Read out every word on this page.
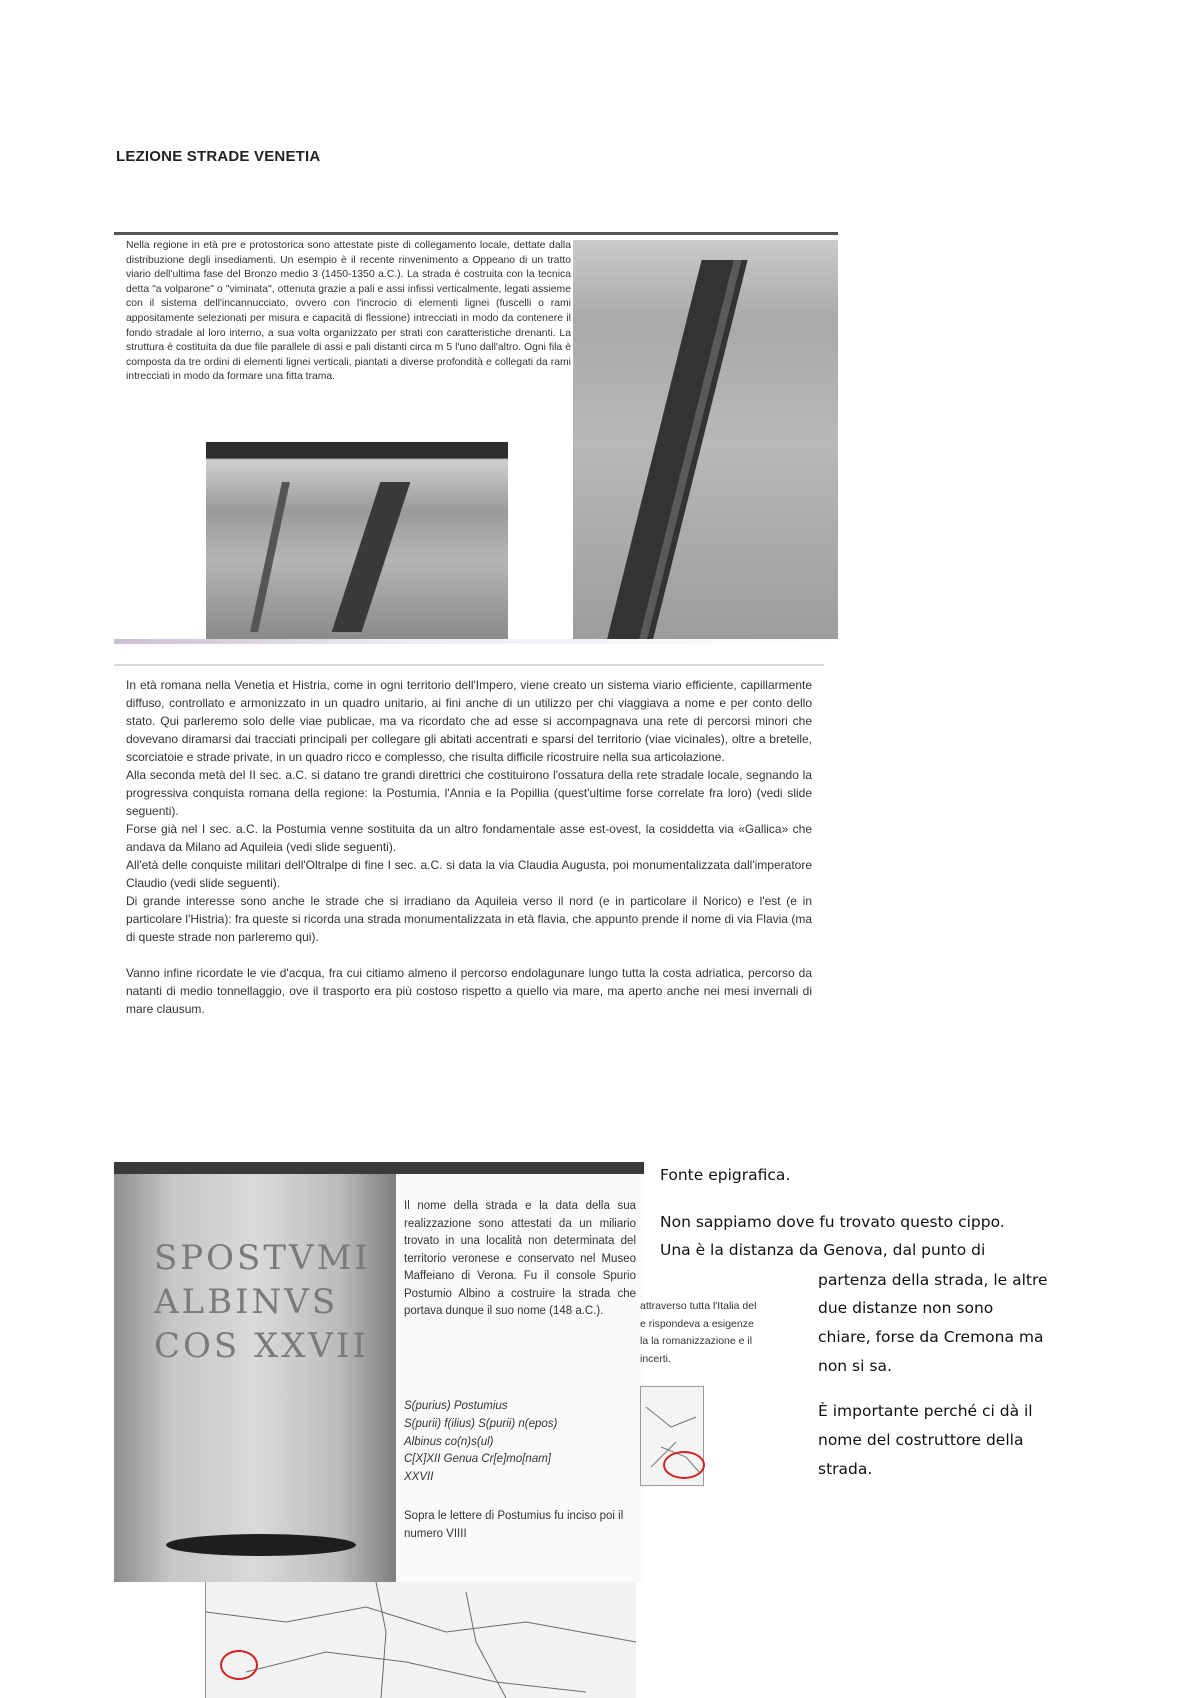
LEZIONE STRADE VENETIA
Nella regione in età pre e protostorica sono attestate piste di collegamento locale, dettate dalla distribuzione degli insediamenti. Un esempio è il recente rinvenimento a Oppeano di un tratto viario dell'ultima fase del Bronzo medio 3 (1450-1350 a.C.). La strada è costruita con la tecnica detta "a volparone" o "viminata", ottenuta grazie a pali e assi infissi verticalmente, legati assieme con il sistema dell'incannucciato, ovvero con l'incrocio di elementi lignei (fuscelli o rami appositamente selezionati per misura e capacità di flessione) intrecciati in modo da contenere il fondo stradale al loro interno, a sua volta organizzato per strati con caratteristiche drenanti. La struttura è costituita da due file parallele di assi e pali distanti circa m 5 l'uno dall'altro. Ogni fila è composta da tre ordini di elementi lignei verticali, piantati a diverse profondità e collegati da rami intrecciati in modo da formare una fitta trama.

In età romana nella Venetia et Histria, come in ogni territorio dell'Impero, viene creato un sistema viario efficiente, capillarmente diffuso, controllato e armonizzato in un quadro unitario, ai fini anche di un utilizzo per chi viaggiava a nome e per conto dello stato. Qui parleremo solo delle viae publicae, ma va ricordato che ad esse si accompagnava una rete di percorsi minori che dovevano diramarsi dai tracciati principali per collegare gli abitati accentrati e sparsi del territorio (viae vicinales), oltre a bretelle, scorciatoie e strade private, in un quadro ricco e complesso, che risulta difficile ricostruire nella sua articolazione.

Alla seconda metà del II sec. a.C. si datano tre grandi direttrici che costituirono l'ossatura della rete stradale locale, segnando la progressiva conquista romana della regione: la Postumia, l'Annia e la Popillia (quest'ultime forse correlate fra loro) (vedi slide seguenti).

Forse già nel I sec. a.C. la Postumia venne sostituita da un altro fondamentale asse est-ovest, la cosiddetta via «Gallica» che andava da Milano ad Aquileia (vedi slide seguenti).

All'età delle conquiste militari dell'Oltralpe di fine I sec. a.C. si data la via Claudia Augusta, poi monumentalizzata dall'imperatore Claudio (vedi slide seguenti).

Di grande interesse sono anche le strade che si irradiano da Aquileia verso il nord (e in particolare il Norico) e l'est (e in particolare l'Histria): fra queste si ricorda una strada monumentalizzata in età flavia, che appunto prende il nome di via Flavia (ma di queste strade non parleremo qui).

Vanno infine ricordate le vie d'acqua, fra cui citiamo almeno il percorso endolagunare lungo tutta la costa adriatica, percorso da natanti di medio tonnellaggio, ove il trasporto era più costoso rispetto a quello via mare, ma aperto anche nei mesi invernali di mare clausum.

SPOSTVMI ALBINVS COS XXVII
Il nome della strada e la data della sua realizzazione sono attestati da un miliario trovato in una località non determinata del territorio veronese e conservato nel Museo Maffeiano di Verona. Fu il console Spurio Postumio Albino a costruire la strada che portava dunque il suo nome (148 a.C.).
S(purius) Postumius
S(purii) f(ilius) S(purii) n(epos)
Albinus co(n)s(ul)
C[X]XII Genua Cr[e]mo[nam]
XXVII
Sopra le lettere di Postumius fu inciso poi il numero VIIII
attraverso tutta l'Italia del
e rispondeva a esigenze
la la romanizzazione e il
incerti.
Fonte epigrafica.
Non sappiamo dove fu trovato questo cippo.
Una è la distanza da Genova, dal punto di
partenza della strada, le altre
due distanze non sono
chiare, forse da Cremona ma
non si sa.
È importante perché ci dà il
nome del costruttore della
strada.
